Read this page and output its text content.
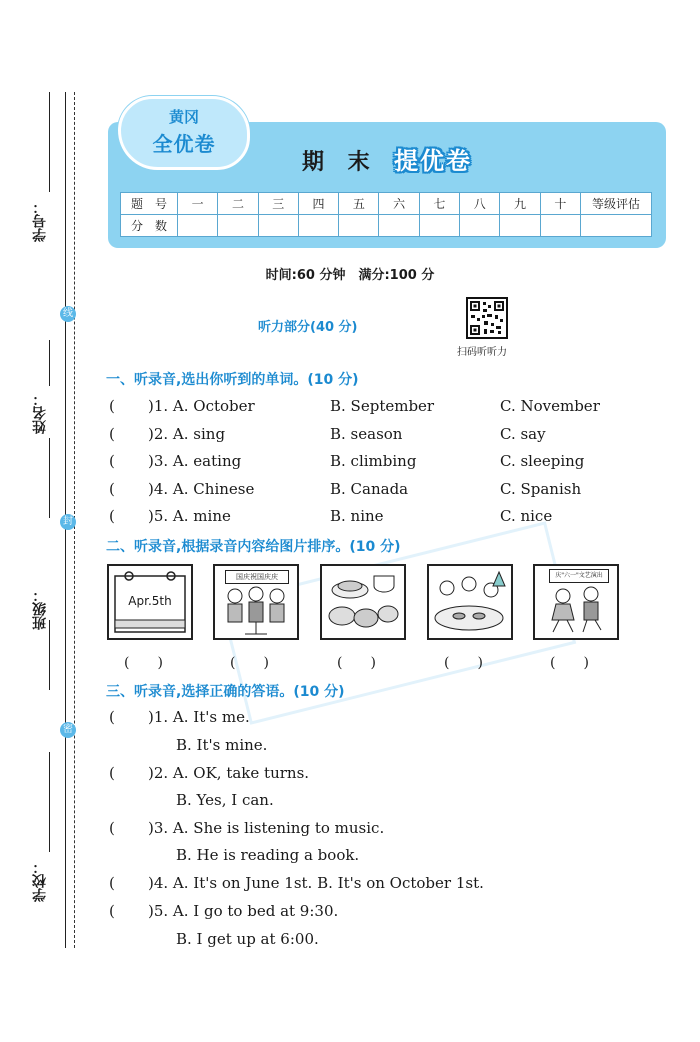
学号：
姓名：
班级：
学校：
线
封
密
黄冈
全优卷
期 末 提优卷
题　号	一	二	三	四	五	六	七	八	九	十	等级评估
分　数											
时间:60 分钟　满分:100 分
听力部分(40 分)
扫码听听力
一、听录音,选出你听到的单词。(10 分)
( )1. A. October	B. September	C. November
( )2. A. sing	B. season	C. say
( )3. A. eating	B. climbing	C. sleeping
( )4. A. Chinese	B. Canada	C. Spanish
( )5. A. mine	B. nine	C. nice
二、听录音,根据录音内容给图片排序。(10 分)
Apr.5th
国庆祝国庆庆	庆"六一"文艺演出
(　　)	(　　)	(　　)	(　　)	(　　)
三、听录音,选择正确的答语。(10 分)
( )1. A. It's me.
B. It's mine.
( )2. A. OK, take turns.
B. Yes, I can.
( )3. A. She is listening to music.
B. He is reading a book.
( )4. A. It's on June 1st. B. It's on October 1st.
( )5. A. I go to bed at 9:30.
B. I get up at 6:00.
